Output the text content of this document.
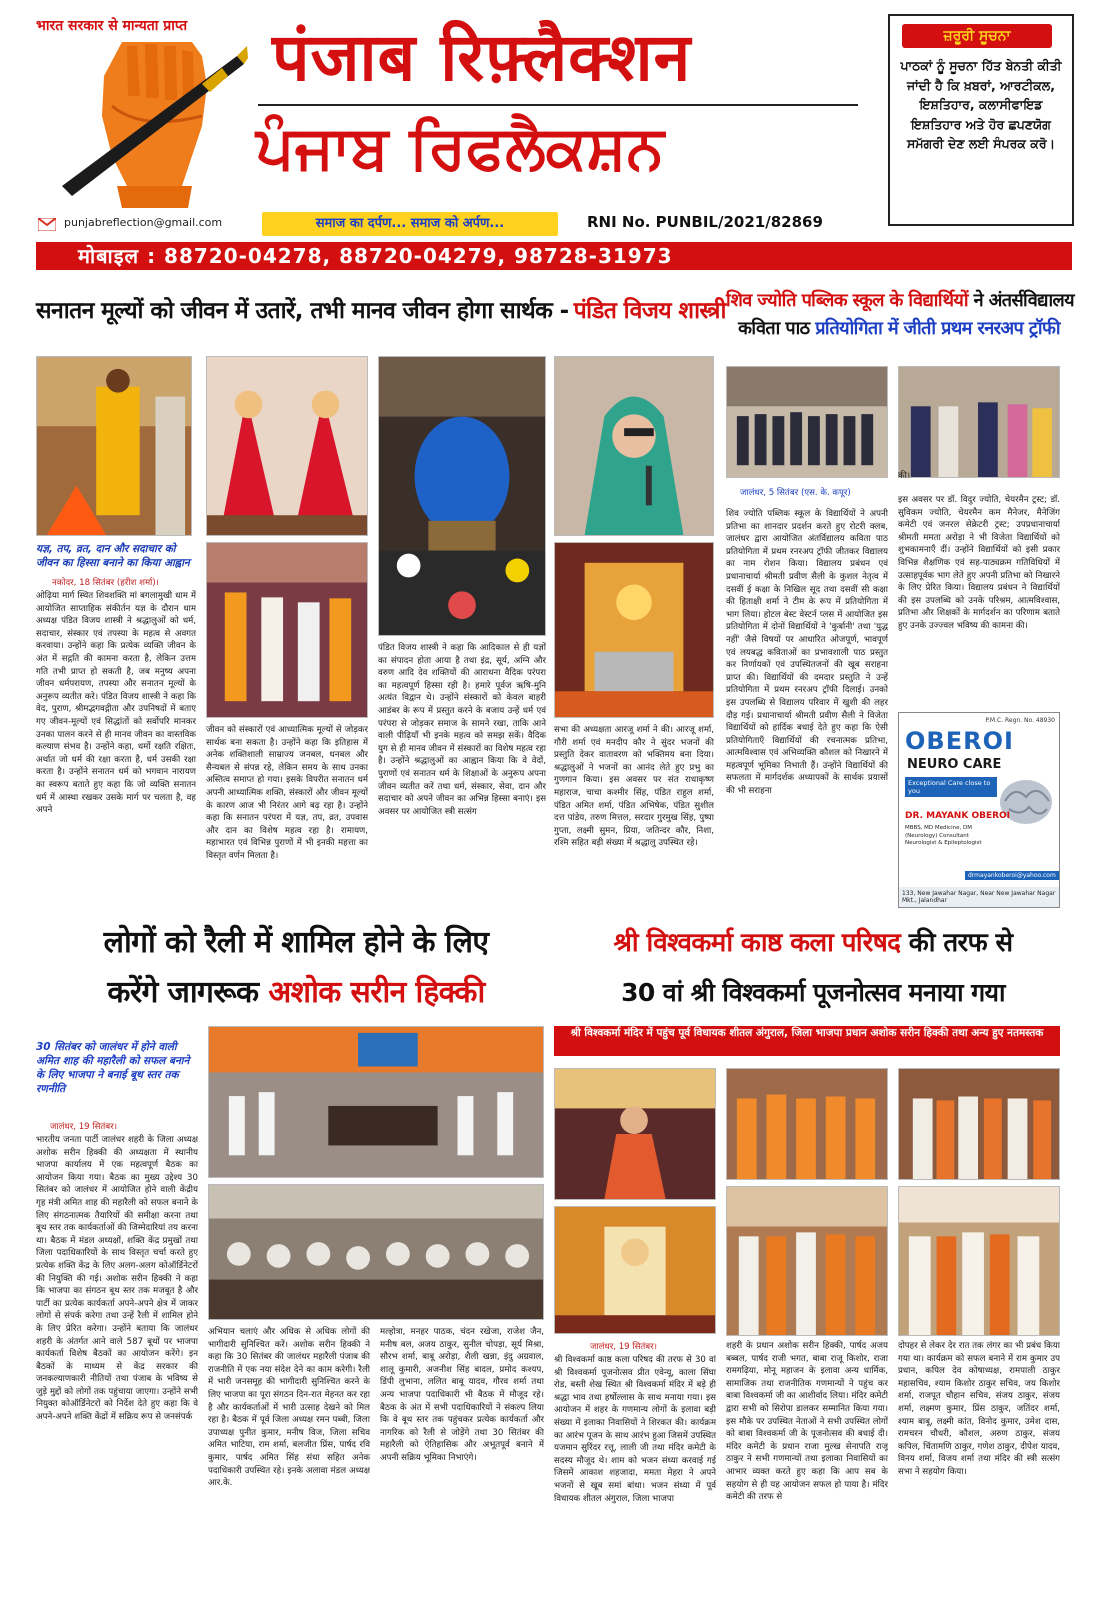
भारत सरकार से मान्यता प्राप्त पंजाब रिफ़्लैक्शन
ਪੰਜਾਬ ਰਿਫਲੈਕਸ਼ਨ
punjabreflection@gmail.com	समाज का दर्पण... समाज को अर्पण...	RNI No. PUNBIL/2021/82869
ਜ਼ਰੂਰੀ ਸੂਚਨਾ
ਪਾਠਕਾਂ ਨੂੰ ਸੂਚਨਾ ਹਿੱਤ ਬੇਨਤੀ ਕੀਤੀ ਜਾਂਦੀ ਹੈ ਕਿ ਖ਼ਬਰਾਂ, ਆਰਟੀਕਲ, ਇਸ਼ਤਿਹਾਰ, ਕਲਾਸੀਫਾਇਡ ਇਸ਼ਤਿਹਾਰ ਅਤੇ ਹੋਰ ਛਪਣਯੋਗ ਸਮੱਗਰੀ ਦੇਣ ਲਈ ਸੰਪਰਕ ਕਰੋ।
मोबाइल : 88720-04278, 88720-04279, 98728-31973
सनातन मूल्यों को जीवन में उतारें, तभी मानव जीवन होगा सार्थक - पंडित विजय शास्त्री
यज्ञ, तप, व्रत, दान और सदाचार को जीवन का हिस्सा बनाने का किया आह्वान
नकोदर, 18 सितंबर (हरीश शर्मा)।
ओढ़िया मार्ग स्थित शिवशक्ति मां बगलामुखी धाम में आयोजित साप्ताहिक संकीर्तन यज्ञ के दौरान धाम अध्यक्ष पंडित विजय शास्त्री ने श्रद्धालुओं को धर्म, सदाचार, संस्कार एवं तपस्या के महत्व से अवगत करवाया। उन्होंने कहा कि प्रत्येक व्यक्ति जीवन के अंत में सद्गति की कामना करता है, लेकिन उत्तम गति तभी प्राप्त हो सकती है, जब मनुष्य अपना जीवन धर्मपरायण, तपस्या और सनातन मूल्यों के अनुरूप व्यतीत करे। पंडित विजय शास्त्री ने कहा कि वेद, पुराण, श्रीमद्भगवद्गीता और उपनिषदों में बताए गए जीवन-मूल्यों एवं सिद्धांतों को सर्वोपरि मानकर उनका पालन करने से ही मानव जीवन का वास्तविक कल्याण संभव है। उन्होंने कहा, धर्मो रक्षति रक्षितः, अर्थात जो धर्म की रक्षा करता है, धर्म उसकी रक्षा करता है। उन्होंने सनातन धर्म को भगवान नारायण का स्वरूप बताते हुए कहा कि जो व्यक्ति सनातन धर्म में आस्था रखकर उसके मार्ग पर चलता है, वह अपने
जीवन को संस्कारों एवं आध्यात्मिक मूल्यों से जोड़कर सार्थक बना सकता है। उन्होंने कहा कि इतिहास में अनेक शक्तिशाली साम्राज्य जनबल, धनबल और सैन्यबल से संपन्न रहे, लेकिन समय के साथ उनका अस्तित्व समाप्त हो गया। इसके विपरीत सनातन धर्म अपनी आध्यात्मिक शक्ति, संस्कारों और जीवन मूल्यों के कारण आज भी निरंतर आगे बढ़ रहा है। उन्होंने कहा कि सनातन परंपरा में यज्ञ, तप, व्रत, उपवास और दान का विशेष महत्व रहा है। रामायण, महाभारत एवं विभिन्न पुराणों में भी इनकी महत्ता का विस्तृत वर्णन मिलता है।
पंडित विजय शास्त्री ने कहा कि आदिकाल से ही यज्ञों का संपादन होता आया है तथा इंद्र, सूर्य, अग्नि और वरुण आदि देव शक्तियों की आराधना वैदिक परंपरा का महत्वपूर्ण हिस्सा रही है। हमारे पूर्वज ऋषि-मुनि अत्यंत विद्वान थे। उन्होंने संस्कारों को केवल बाहरी आडंबर के रूप में प्रस्तुत करने के बजाय उन्हें धर्म एवं परंपरा से जोड़कर समाज के सामने रखा, ताकि आने वाली पीढ़ियाँ भी इनके महत्व को समझ सकें। वैदिक युग से ही मानव जीवन में संस्कारों का विशेष महत्व रहा है। उन्होंने श्रद्धालुओं का आह्वान किया कि वे वेदों, पुराणों एवं सनातन धर्म के शिक्षाओं के अनुरूप अपना जीवन व्यतीत करें तथा धर्म, संस्कार, सेवा, दान और सदाचार को अपने जीवन का अभिन्न हिस्सा बनाएं। इस अवसर पर आयोजित स्त्री सत्संग
सभा की अध्यक्षता आरजू शर्मा ने की। आरजू शर्मा, गौरी शर्मा एवं मनदीप कौर ने सुंदर भजनों की प्रस्तुति देकर वातावरण को भक्तिमय बना दिया। श्रद्धालुओं ने भजनों का आनंद लेते हुए प्रभु का गुणगान किया। इस अवसर पर संत राधाकृष्ण महाराज, चाचा कश्मीर सिंह, पंडित राहुल शर्मा, पंडित अमित शर्मा, पंडित अभिषेक, पंडित सुशील दत्त पांडेय, तरुण मित्तल, सरदार गुरमुख सिंह, पुष्पा गुप्ता, लक्ष्मी सुमन, प्रिया, जतिन्दर कौर, निशा, रश्मि सहित बड़ी संख्या में श्रद्धालु उपस्थित रहे।
शिव ज्योति पब्लिक स्कूल के विद्यार्थियों ने अंतर्सविद्यालय
कविता पाठ प्रतियोगिता में जीती प्रथम रनरअप ट्रॉफी
जालंधर, 5 सितंबर (एस. के. कपूर)
शिव ज्योति पब्लिक स्कूल के विद्यार्थियों ने अपनी प्रतिभा का शानदार प्रदर्शन करते हुए रोटरी क्लब, जालंधर द्वारा आयोजित अंतर्विद्यालय कविता पाठ प्रतियोगिता में प्रथम रनरअप ट्रॉफी जीतकर विद्यालय का नाम रोशन किया। विद्यालय प्रबंधन एवं प्रधानाचार्या श्रीमती प्रवीण सैली के कुशल नेतृत्व में दसवीं ई कक्षा के निखिल सूद तथा दसवीं सी कक्षा की हिताक्षी शर्मा ने टीम के रूप में प्रतियोगिता में भाग लिया। होटल बेस्ट वेस्टर्न प्लस में आयोजित इस प्रतियोगिता में दोनों विद्यार्थियों ने 'कुर्बानी' तथा 'युद्ध नहीं' जैसे विषयों पर आधारित ओजपूर्ण, भावपूर्ण एवं लयबद्ध कविताओं का प्रभावशाली पाठ प्रस्तुत कर निर्णायकों एवं उपस्थितजनों की खूब सराहना प्राप्त की। विद्यार्थियों की दमदार प्रस्तुति ने उन्हें प्रतियोगिता में प्रथम रनरअप ट्रॉफी दिलाई। उनको इस उपलब्धि से विद्यालय परिवार में खुशी की लहर दौड़ गई। प्रधानाचार्या श्रीमती प्रवीण सैली ने विजेता विद्यार्थियों को हार्दिक बधाई देते हुए कहा कि ऐसी प्रतियोगिताएँ विद्यार्थियों की रचनात्मक प्रतिभा, आत्मविश्वास एवं अभिव्यक्ति कौशल को निखारने में महत्वपूर्ण भूमिका निभाती हैं। उन्होंने विद्यार्थियों की सफलता में मार्गदर्शक अध्यापकों के सार्थक प्रयासों की भी सराहना
की।
इस अवसर पर डॉ. विदुर ज्योति, चेयरमैन ट्रस्ट; डॉ. सुविकम ज्योति, चेयरमैन कम मैनेजर, मैनेजिंग कमेटी एवं जनरल सेक्रेटरी ट्रस्ट; उपप्रधानाचार्या श्रीमती ममता अरोड़ा ने भी विजेता विद्यार्थियों को शुभकामनाएँ दीं। उन्होंने विद्यार्थियों को इसी प्रकार विभिन्न शैक्षणिक एवं सह-पाठ्यक्रम गतिविधियों में उत्साहपूर्वक भाग लेते हुए अपनी प्रतिभा को निखारने के लिए प्रेरित किया। विद्यालय प्रबंधन ने विद्यार्थियों की इस उपलब्धि को उनके परिश्रम, आत्मविश्वास, प्रतिभा और शिक्षकों के मार्गदर्शन का परिणाम बताते हुए उनके उज्ज्वल भविष्य की कामना की।
P.M.C. Regn. No. 48930
OBEROI
NEURO CARE
Exceptional Care close to you
DR. MAYANK OBEROI
MBBS, MD Medicine, DM (Neurology) Consultant Neurologist & Epileptologist
drmayankoberoi@yahoo.com
133, New Jawahar Nagar, Near New Jawahar Nagar Mkt., Jalandhar
लोगों को रैली में शामिल होने के लिए
करेंगे जागरूक अशोक सरीन हिक्की
30 सितंबर को जालंधर में होने वाली अमित शाह की महारैली को सफल बनाने के लिए भाजपा ने बनाई बूथ स्तर तक रणनीति
जालंधर, 19 सितंबर।
भारतीय जनता पार्टी जालंधर शहरी के जिला अध्यक्ष अशोक सरीन हिक्की की अध्यक्षता में स्थानीय भाजपा कार्यालय में एक महत्वपूर्ण बैठक का आयोजन किया गया। बैठक का मुख्य उद्देश्य 30 सितंबर को जालंधर में आयोजित होने वाली केंद्रीय गृह मंत्री अमित शाह की महारैली को सफल बनाने के लिए संगठनात्मक तैयारियों की समीक्षा करना तथा बूथ स्तर तक कार्यकर्ताओं की जिम्मेदारियां तय करना था। बैठक में मंडल अध्यक्षों, शक्ति केंद्र प्रमुखों तथा जिला पदाधिकारियों के साथ विस्तृत चर्चा करते हुए प्रत्येक शक्ति केंद्र के लिए अलग-अलग कोऑर्डिनेटरों की नियुक्ति की गई। अशोक सरीन हिक्की ने कहा कि भाजपा का संगठन बूथ स्तर तक मजबूत है और पार्टी का प्रत्येक कार्यकर्ता अपने-अपने क्षेत्र में जाकर लोगों से संपर्क करेगा तथा उन्हें रैली में शामिल होने के लिए प्रेरित करेगा। उन्होंने बताया कि जालंधर शहरी के अंतर्गत आने वाले 587 बूथों पर भाजपा कार्यकर्ता विशेष बैठकों का आयोजन करेंगे। इन बैठकों के माध्यम से केंद्र सरकार की जनकल्याणकारी नीतियों तथा पंजाब के भविष्य से जुड़े मुद्दों को लोगों तक पहुंचाया जाएगा। उन्होंने सभी नियुक्त कोऑर्डिनेटरों को निर्देश देते हुए कहा कि वे अपने-अपने शक्ति केंद्रों में सक्रिय रूप से जनसंपर्क
अभियान चलाएं और अधिक से अधिक लोगों की भागीदारी सुनिश्चित करें। अशोक सरीन हिक्की ने कहा कि 30 सितंबर की जालंधर महारैली पंजाब की राजनीति में एक नया संदेश देने का काम करेगी। रैली में भारी जनसमूह की भागीदारी सुनिश्चित करने के लिए भाजपा का पूरा संगठन दिन-रात मेहनत कर रहा है और कार्यकर्ताओं में भारी उत्साह देखने को मिल रहा है। बैठक में पूर्व जिला अध्यक्ष रमन पब्बी, जिला उपाध्यक्ष पुनीत कुमार, मनीष विज, जिला सचिव अमित भाटिया, राम शर्मा, बलजीत प्रिंस, पार्षद रवि कुमार, पार्षद अमित सिंह संधा सहित अनेक पदाधिकारी उपस्थित रहे। इनके अलावा मंडल अध्यक्ष आर.के.
मल्होत्रा, मनहर पाठक, चंदन रखेजा, राजेश जैन, मनीष बल, अजय ठाकुर, सुनील चोपड़ा, सूर्य मिश्रा, सौरभ शर्मा, बाबू अरोड़ा, शैली खन्ना, इंदु अग्रवाल, शालू कुमारी, अजनीश सिंह बादल, प्रमोद कश्यप, डिंपी लुभाना, ललित बाबू यादव, गौरव शर्मा तथा अन्य भाजपा पदाधिकारी भी बैठक में मौजूद रहे। बैठक के अंत में सभी पदाधिकारियों ने संकल्प लिया कि वे बूथ स्तर तक पहुंचकर प्रत्येक कार्यकर्ता और नागरिक को रैली से जोड़ेंगे तथा 30 सितंबर की महारैली को ऐतिहासिक और अभूतपूर्व बनाने में अपनी सक्रिय भूमिका निभाएंगे।
श्री विश्वकर्मा काष्ठ कला परिषद की तरफ से
30 वां श्री विश्वकर्मा पूजनोत्सव मनाया गया
श्री विश्वकर्मा मंदिर में पहुंच पूर्व विधायक शीतल अंगुराल, जिला भाजपा प्रधान अशोक सरीन हिक्की तथा अन्य हुए नतमस्तक
जालंधर, 19 सितंबर।
श्री विश्वकर्मा काष्ठ कला परिषद की तरफ से 30 वां श्री विश्वकर्मा पूजनोत्सव प्रीत एवेन्यू, काला सिंघा रोड, बस्ती शेख स्थित श्री विश्वकर्मा मंदिर में बड़े ही श्रद्धा भाव तथा हर्षोल्लास के साथ मनाया गया। इस आयोजन में शहर के गणमान्य लोगों के इलावा बड़ी संख्या में इलाका निवासियों ने शिरकत की। कार्यक्रम का आरंभ पूजन के साथ आरंभ हुआ जिसमें उपस्थित यजमान सुरिंदर रत्तू, लाली जी तथा मंदिर कमेटी के सदस्य मौजूद थे। शाम को भजन संध्या करवाई गई जिसमें आकाश शहजादा, ममता मेहरा ने अपने भजनों से खूब समां बांधा। भजन संध्या में पूर्व विधायक शीतल अंगुराल, जिला भाजपा
शहरी के प्रधान अशोक सरीन हिक्की, पार्षद अजय बब्बल, पार्षद राजी भगत, बाबा राजू किशोर, राजा रामगढ़िया, मोनू महाजन के इलावा अन्य धार्मिक, सामाजिक तथा राजनीतिक गणमान्यों ने पहुंच कर बाबा विश्वकर्मा जी का आशीर्वाद लिया। मंदिर कमेटी द्वारा सभी को सिरोपा डालकर सम्मानित किया गया। इस मौके पर उपस्थित नेताओं ने सभी उपस्थित लोगों को बाबा विश्वकर्मा जी के पूजनोत्सव की बधाई दी। मंदिर कमेटी के प्रधान राजा मुल्ख सेनापति राजू ठाकुर ने सभी गणमान्यों तथा इलाका निवासियों का आभार व्यक्त करते हुए कहा कि आप सब के सहयोग से ही यह आयोजन सफल हो पाया है। मंदिर कमेटी की तरफ से
दोपहर से लेकर देर रात तक लंगर का भी प्रबंध किया गया था। कार्यक्रम को सफल बनाने में राम कुमार उप प्रधान, कपिल देव कोषाध्यक्ष, रामपाली ठाकुर महासचिव, श्याम किशोर ठाकुर सचिव, जय किशोर शर्मा, राजपूत चौहान सचिव, संजय ठाकुर, संजय शर्मा, लक्ष्मण कुमार, प्रिंस ठाकुर, जतिंदर शर्मा, श्याम बाबू, लक्ष्मी कांत, विनोद कुमार, उमेश दास, रामचरन चौधरी, कौशल, अरुण ठाकुर, संजय कपिल, चिंतामणि ठाकुर, गणेश ठाकुर, दीपेश यादव, विनय शर्मा, विजय शर्मा तथा मंदिर की स्त्री सत्संग सभा ने सहयोग किया।
